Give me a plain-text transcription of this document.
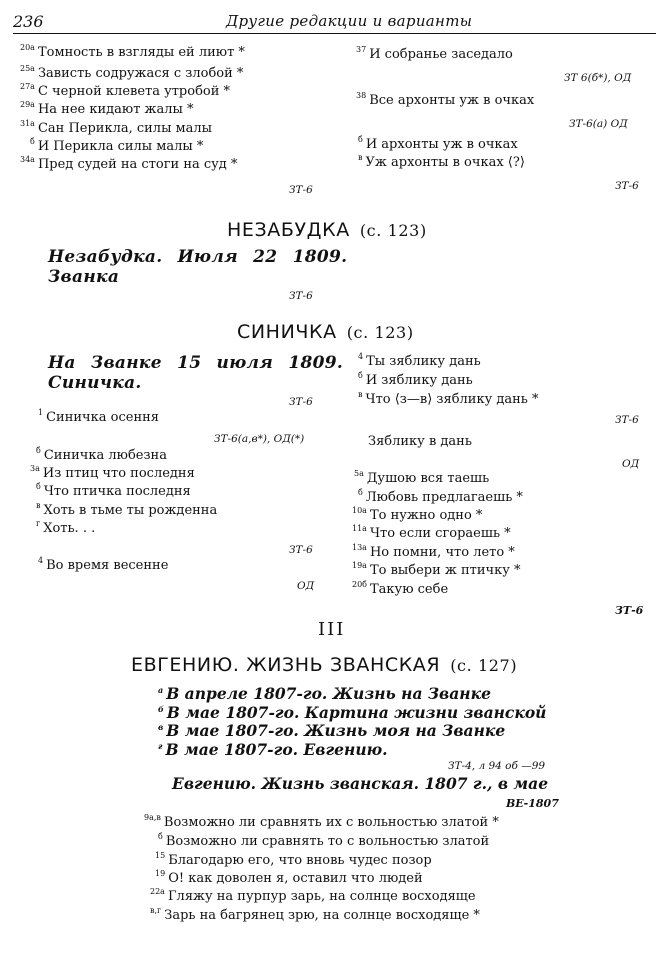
236	Другие редакции и варианты
20а Томность в взгляды ей лиют *
25а Зависть содружася с злобой *
27а С черной клевета утробой *
29а На нее кидают жалы *
31а Сан Перикла, силы малы
б И Перикла силы малы *
34а Пред судей на стоги на суд *
ЗТ-6
37 И собранье заседало
ЗТ 6(б*), ОД
38 Все архонты уж в очках
ЗТ-6(а) ОД
б И архонты уж в очках
в Уж архонты в очках ⟨?⟩
ЗТ-6
НЕЗАБУДКА (с. 123)
Незабудка. Июля 22 1809.
Званка
ЗТ-6
СИНИЧКА (с. 123)
На Званке 15 июля 1809.
Синичка.
ЗТ-6
1 Синичка осення
ЗТ-6(а,в*), ОД(*)
б Синичка любезна
3а Из птиц что последня
б Что птичка последня
в Хоть в тьме ты рожденна
г Хоть. . .
ЗТ-6
4 Во время весенне
ОД
4 Ты зяблику дань
б И зяблику дань
в Что ⟨з—в⟩ зяблику дань *
ЗТ-6
Зяблику в дань
ОД
5а Душою вся таешь
б Любовь предлагаешь *
10а То нужно одно *
11а Что если сгораешь *
13а Но помни, что лето *
19а То выбери ж птичку *
20б Такую себе
ЗТ-6
III
ЕВГЕНИЮ. ЖИЗНЬ ЗВАНСКАЯ (с. 127)
а В апреле 1807-го. Жизнь на Званке
б В мае 1807-го. Картина жизни званской
в В мае 1807-го. Жизнь моя на Званке
г В мае 1807-го. Евгению.
ЗТ-4, л 94 об —99
Евгению. Жизнь званская. 1807 г., в мае
ВЕ-1807
9а,в Возможно ли сравнять их с вольностью златой *
б Возможно ли сравнять то с вольностью златой
15 Благодарю его, что вновь чудес позор
19 О! как доволен я, оставил что людей
22а Гляжу на пурпур зарь, на солнце восходяще
в,г Зарь на багрянец зрю, на солнце восходяще *
